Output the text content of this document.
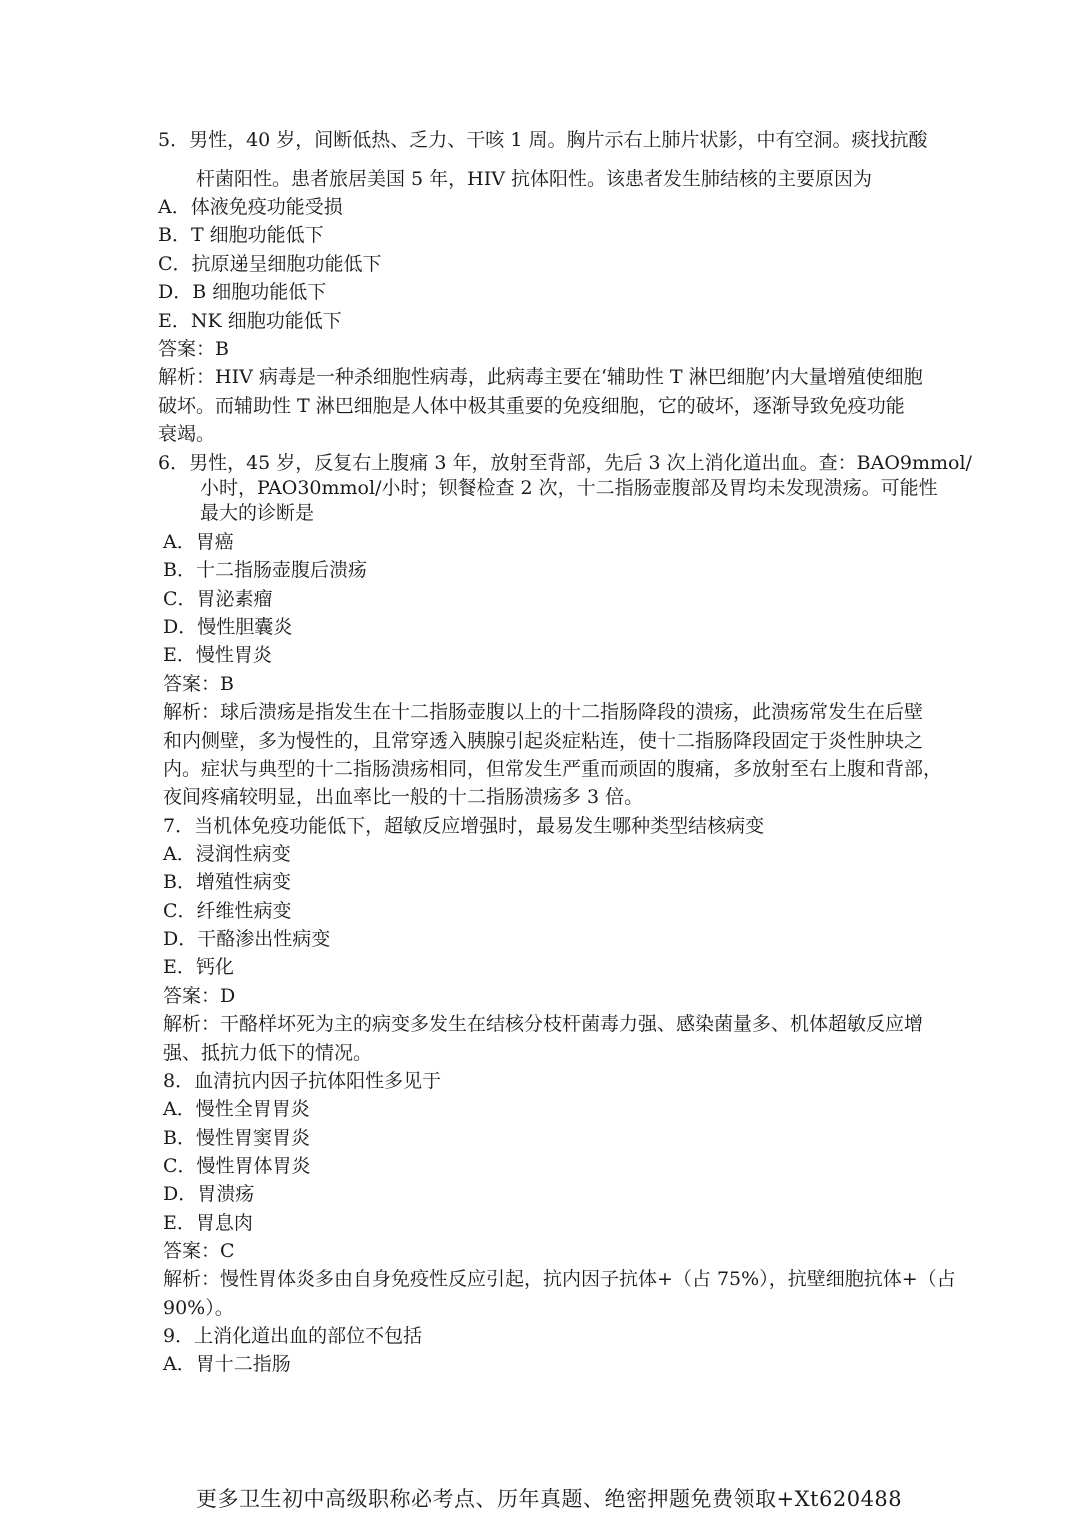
5．男性，40 岁，间断低热、乏力、干咳 1 周。胸片示右上肺片状影，中有空洞。痰找抗酸
杆菌阳性。患者旅居美国 5 年，HIV 抗体阳性。该患者发生肺结核的主要原因为
A．体液免疫功能受损
B．T 细胞功能低下
C．抗原递呈细胞功能低下
D．B 细胞功能低下
E．NK 细胞功能低下
答案：B
解析：HIV 病毒是一种杀细胞性病毒，此病毒主要在‘辅助性 T 淋巴细胞’内大量增殖使细胞
破坏。而辅助性 T 淋巴细胞是人体中极其重要的免疫细胞，它的破坏，逐渐导致免疫功能
衰竭。
6．男性，45 岁，反复右上腹痛 3 年，放射至背部，先后 3 次上消化道出血。查：BAO9mmol/
小时，PAO30mmol/小时；钡餐检查 2 次，十二指肠壶腹部及胃均未发现溃疡。可能性
最大的诊断是
A．胃癌
B．十二指肠壶腹后溃疡
C．胃泌素瘤
D．慢性胆囊炎
E．慢性胃炎
答案：B
解析：球后溃疡是指发生在十二指肠壶腹以上的十二指肠降段的溃疡，此溃疡常发生在后壁
和内侧壁，多为慢性的，且常穿透入胰腺引起炎症粘连，使十二指肠降段固定于炎性肿块之
内。症状与典型的十二指肠溃疡相同，但常发生严重而顽固的腹痛，多放射至右上腹和背部，
夜间疼痛较明显，出血率比一般的十二指肠溃疡多 3 倍。
7．当机体免疫功能低下，超敏反应增强时，最易发生哪种类型结核病变
A．浸润性病变
B．增殖性病变
C．纤维性病变
D．干酪渗出性病变
E．钙化
答案：D
解析：干酪样坏死为主的病变多发生在结核分枝杆菌毒力强、感染菌量多、机体超敏反应增
强、抵抗力低下的情况。
8．血清抗内因子抗体阳性多见于
A．慢性全胃胃炎
B．慢性胃窦胃炎
C．慢性胃体胃炎
D．胃溃疡
E．胃息肉
答案：C
解析：慢性胃体炎多由自身免疫性反应引起，抗内因子抗体+（占 75%），抗壁细胞抗体+（占
90%）。
9．上消化道出血的部位不包括
A．胃十二指肠
更多卫生初中高级职称必考点、历年真题、绝密押题免费领取+Xt620488
